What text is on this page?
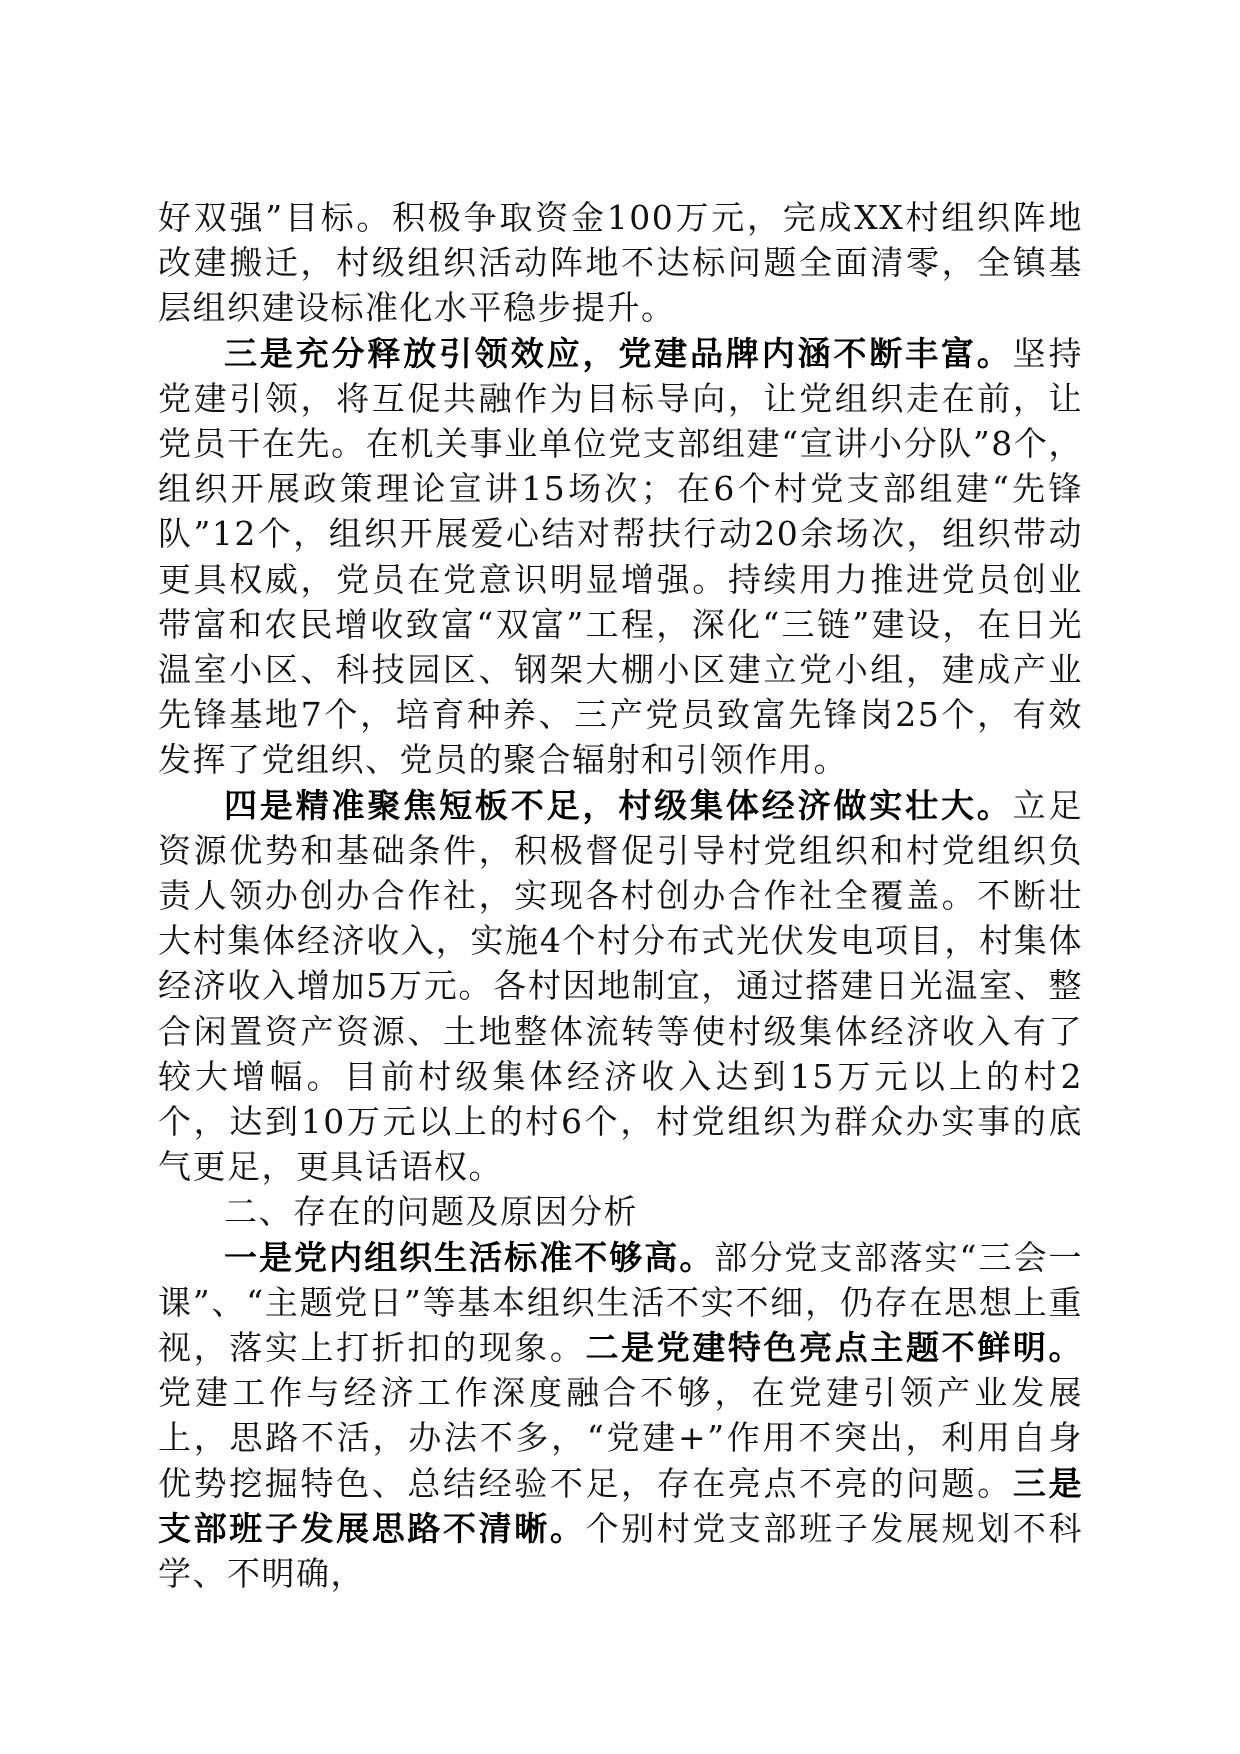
好双强”目标。积极争取资金100万元，完成XX村组织阵地改建搬迁，村级组织活动阵地不达标问题全面清零，全镇基层组织建设标准化水平稳步提升。

三是充分释放引领效应，党建品牌内涵不断丰富。坚持党建引领，将互促共融作为目标导向，让党组织走在前，让党员干在先。在机关事业单位党支部组建“宣讲小分队”8个，组织开展政策理论宣讲15场次；在6个村党支部组建“先锋队”12个，组织开展爱心结对帮扶行动20余场次，组织带动更具权威，党员在党意识明显增强。持续用力推进党员创业带富和农民增收致富“双富”工程，深化“三链”建设，在日光温室小区、科技园区、钢架大棚小区建立党小组，建成产业先锋基地7个，培育种养、三产党员致富先锋岗25个，有效发挥了党组织、党员的聚合辐射和引领作用。

四是精准聚焦短板不足，村级集体经济做实壮大。立足资源优势和基础条件，积极督促引导村党组织和村党组织负责人领办创办合作社，实现各村创办合作社全覆盖。不断壮大村集体经济收入，实施4个村分布式光伏发电项目，村集体经济收入增加5万元。各村因地制宜，通过搭建日光温室、整合闲置资产资源、土地整体流转等使村级集体经济收入有了较大增幅。目前村级集体经济收入达到15万元以上的村2个，达到10万元以上的村6个，村党组织为群众办实事的底气更足，更具话语权。

二、存在的问题及原因分析

一是党内组织生活标准不够高。部分党支部落实“三会一课”、“主题党日”等基本组织生活不实不细，仍存在思想上重视，落实上打折扣的现象。二是党建特色亮点主题不鲜明。党建工作与经济工作深度融合不够，在党建引领产业发展上，思路不活，办法不多，“党建+”作用不突出，利用自身优势挖掘特色、总结经验不足，存在亮点不亮的问题。三是支部班子发展思路不清晰。个别村党支部班子发展规划不科学、不明确，
